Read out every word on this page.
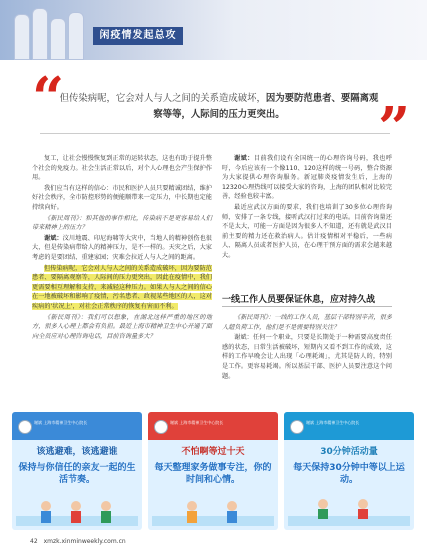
闲疫情发起总攻
“
但传染病呢，它会对人与人之间的关系造成破坏，因为要防范患者、要隔离观察等等，人际间的压力更突出。	”

复工，让社会慢慢恢复到正常的运转状态，这也有助于提升整个社会的免疫力。社会生活正常以后，对个人心理也会产生保护作用。

我们应当有这样的信心：市民和医护人员只要精诚团结，维护好社会秩序，全市防控形势的便能顺带来一定压力，中长期也定能持续向好。

《新民周刊》：和其他的事件相比，传染病不是更容易给人们带来精神上的压力？

谢斌：汶川地震、印尼海啸等大灾中，当地人的精神创伤也很大，但是传染病带给人的精神压力，是不一样的。天灾之后，大家考虑的是要团结、重建家园；灾难会拉近人与人之间的距离。

但传染病呢，它会对人与人之间的关系造成破坏，因为要防范患者、要隔离观察等，人际间的压力更突出，因此在疫情中，我们更需要相互理解和支持，来减轻这种压力。如果人与人之间的信心在一地被破坏和影响了疫情，污名患者、政视某些地区的人，这对疾病的'状况上'，对社会正常秩序的恢复有害而不利。

《新民周刊》：我们可以想象，在湖北这样严重的地区的地方，很多人心理上都会有负担。最近上海市精神卫生中心开通了面向全员应对心理咨询电话，目前咨询量多大？

谢斌：目前我们设有全国统一的心理咨询号码，我也呼吁，今后应该有一个像110、120这样的统一号码，整合资源为大家提供心理咨询服务。新冠肺炎疫情发生后，上海的12320心理热线可以接受大家的咨询，上海的团队相对比较完善，经验也较丰富。

最近应武汉方面的要求，我们也培训了30多位心理咨询师，安排了一条专线，接听武汉打过来的电话。目前咨询量还不是太大，可能一方面是因为很多人不知道，还有就是武汉目前主要的精力还在救治病人。估计疫情相对平稳后，一些病人、隔离人员或者医护人员，在心理干预方面的需求会越来越大。

一线工作人员要保证休息，应对持久战

《新民周刊》：一线的工作人员，基层干部特别辛苦，很多人超负荷工作，他们是不是需要特别关注？

谢斌：任何一个职业，只要是长期处于一种需要高度责任感的状态，日常生活被破坏，短期内又看不到工作的成效，这样的工作早晚会让人出现「心理耗竭」，尤其是防人的，特别是工作。更容易耗竭。所以基层干部、医护人员要注意这个问题。

谢斌 上海市精神卫生中心院长
该逃避难，该逃避谁
保持与你信任的亲友一起的生活节奏。
谢斌 上海市精神卫生中心院长
不怕啊等过十天
每天整理家务做事专注，你的时间和心情。
谢斌 上海市精神卫生中心院长
30分钟活动量
每天保持30分钟中等以上运动。
42 xmzk.xinminweekly.com.cn
